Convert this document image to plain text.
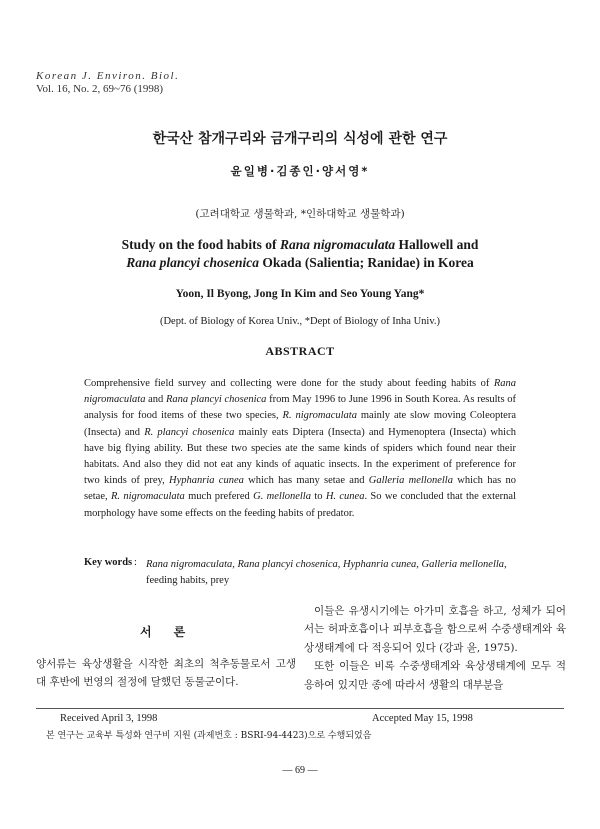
Korean J. Environ. Biol.
Vol. 16, No. 2, 69~76 (1998)
한국산 참개구리와 금개구리의 식성에 관한 연구
윤일병·김종인·양서영*
(고려대학교 생물학과, *인하대학교 생물학과)
Study on the food habits of Rana nigromaculata Hallowell and
Rana plancyi chosenica Okada (Salientia; Ranidae) in Korea
Yoon, Il Byong, Jong In Kim and Seo Young Yang*
(Dept. of Biology of Korea Univ., *Dept of Biology of Inha Univ.)
ABSTRACT

Comprehensive field survey and collecting were done for the study about feeding habits of Rana nigromaculata and Rana plancyi chosenica from May 1996 to June 1996 in South Korea. As results of analysis for food items of these two species, R. nigromaculata mainly ate slow moving Coleoptera (Insecta) and R. plancyi chosenica mainly eats Diptera (Insecta) and Hymenoptera (Insecta) which have big flying ability. But these two species ate the same kinds of spiders which found near their habitats. And also they did not eat any kinds of aquatic insects. In the experiment of preference for two kinds of prey, Hyphanria cunea which has many setae and Galleria mellonella which has no setae, R. nigromaculata much prefered G. mellonella to H. cunea. So we concluded that the external morphology have some effects on the feeding habits of predator.

Key words : Rana nigromaculata, Rana plancyi chosenica, Hyphanria cunea, Galleria mellonella, feeding habits, prey

서론

양서류는 육상생활을 시작한 최초의 척추동물로서 고생대 후반에 번영의 절정에 달했던 동물군이다.

이들은 유생시기에는 아가미 호흡을 하고, 성체가 되어서는 허파호흡이나 피부호흡을 함으로써 수중생태계와 육상생태계에 다 적응되어 있다 (강과 윤, 1975).

또한 이들은 비록 수중생태계와 육상생태계에 모두 적응하여 있지만 종에 따라서 생활의 대부분을

Received April 3, 1998	Accepted May 15, 1998
본 연구는 교육부 특성화 연구비 지원 (과제번호 : BSRI-94-4423)으로 수행되었음
— 69 —
